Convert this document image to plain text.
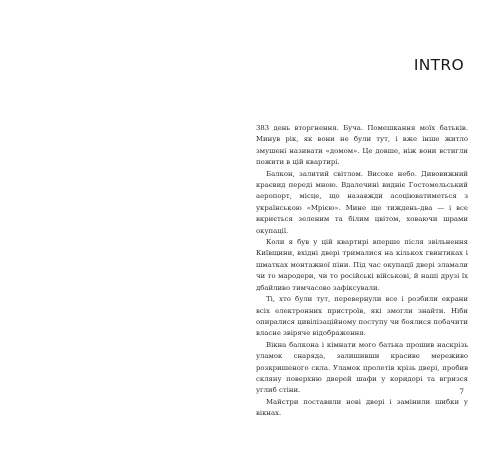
INTRO

383 день вторгнення. Буча. Помешкання моїх батьків. Минув рік, як вони не були тут, і вже інше житло змушені називати «домом». Це довше, ніж вони встигли пожити в цій квартирі.

Балкон, залитий світлом. Високе небо. Дивовижний краєвид переді мною. Вдалечині видніє Гостомельський аеропорт, місце, що назавжди асоціюватиметься з українською «Мрією». Мине ще тиждень-два — і все вкриється зеленим та білим цвітом, ховаючи шрами окупації.

Коли я був у цій квартирі вперше після звільнення Київщини, вхідні двері трималися на кількох гвинтиках і шматках монтажної піни. Під час окупації двері зламали чи то мародери, чи то російські військові, й наші друзі їх дбайливо тимчасово зафіксували.

Ті, хто були тут, перевернули все і розбили екрани всіх електронних пристроїв, які змогли знайти. Ніби опиралися цивілізаційному поступу чи боялися побачити власне звіряче відображення.

Вікна балкона і кімнати мого батька прошив наскрізь уламок снаряда, залишивши красиве мереживо розкришеного скла. Уламок пролетів крізь двері, пробив скляну поверхню дверей шафи у коридорі та вгризся углиб стіни.

Майстри поставили нові двері і замінили шибки у вікнах.

7
